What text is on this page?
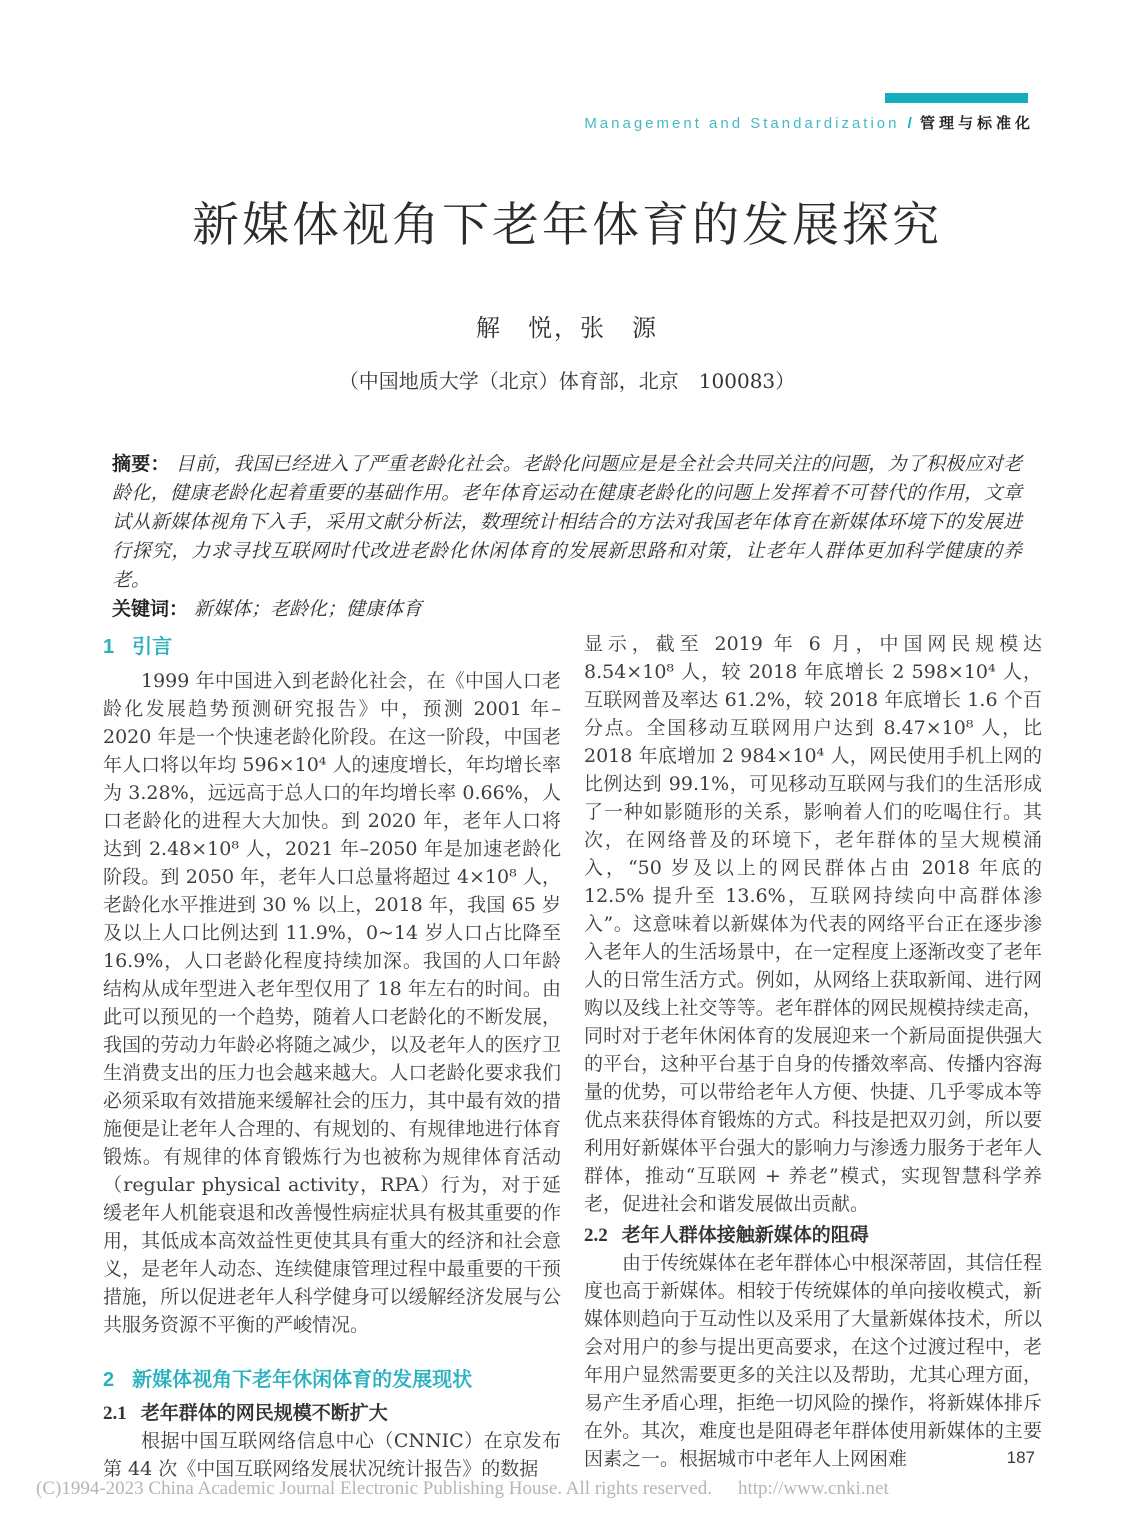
Management and Standardization / 管理与标准化
新媒体视角下老年体育的发展探究
解　悦，张　源
（中国地质大学（北京）体育部，北京　100083）
摘要： 目前，我国已经进入了严重老龄化社会。老龄化问题应是是全社会共同关注的问题，为了积极应对老龄化，健康老龄化起着重要的基础作用。老年体育运动在健康老龄化的问题上发挥着不可替代的作用，文章试从新媒体视角下入手，采用文献分析法，数理统计相结合的方法对我国老年体育在新媒体环境下的发展进行探究，力求寻找互联网时代改进老龄化休闲体育的发展新思路和对策，让老年人群体更加科学健康的养老。
关键词： 新媒体；老龄化；健康体育
1 引言

1999 年中国进入到老龄化社会，在《中国人口老龄化发展趋势预测研究报告》中，预测 2001 年–2020 年是一个快速老龄化阶段。在这一阶段，中国老年人口将以年均 596×10⁴ 人的速度增长，年均增长率为 3.28%，远远高于总人口的年均增长率 0.66%，人口老龄化的进程大大加快。到 2020 年，老年人口将达到 2.48×10⁸ 人，2021 年–2050 年是加速老龄化阶段。到 2050 年，老年人口总量将超过 4×10⁸ 人，老龄化水平推进到 30 % 以上，2018 年，我国 65 岁及以上人口比例达到 11.9%，0~14 岁人口占比降至 16.9%，人口老龄化程度持续加深。我国的人口年龄结构从成年型进入老年型仅用了 18 年左右的时间。由此可以预见的一个趋势，随着人口老龄化的不断发展，我国的劳动力年龄必将随之减少，以及老年人的医疗卫生消费支出的压力也会越来越大。人口老龄化要求我们必须采取有效措施来缓解社会的压力，其中最有效的措施便是让老年人合理的、有规划的、有规律地进行体育锻炼。有规律的体育锻炼行为也被称为规律体育活动（regular physical activity，RPA）行为，对于延缓老年人机能衰退和改善慢性病症状具有极其重要的作用，其低成本高效益性更使其具有重大的经济和社会意义，是老年人动态、连续健康管理过程中最重要的干预措施，所以促进老年人科学健身可以缓解经济发展与公共服务资源不平衡的严峻情况。

2 新媒体视角下老年休闲体育的发展现状
2.1 老年群体的网民规模不断扩大

根据中国互联网络信息中心（CNNIC）在京发布第 44 次《中国互联网络发展状况统计报告》的数据

显示，截至 2019 年 6 月，中国网民规模达 8.54×10⁸ 人，较 2018 年底增长 2 598×10⁴ 人，互联网普及率达 61.2%，较 2018 年底增长 1.6 个百分点。全国移动互联网用户达到 8.47×10⁸ 人，比 2018 年底增加 2 984×10⁴ 人，网民使用手机上网的比例达到 99.1%，可见移动互联网与我们的生活形成了一种如影随形的关系，影响着人们的吃喝住行。其次，在网络普及的环境下，老年群体的呈大规模涌入，“50 岁及以上的网民群体占由 2018 年底的 12.5% 提升至 13.6%，互联网持续向中高群体渗入”。这意味着以新媒体为代表的网络平台正在逐步渗入老年人的生活场景中，在一定程度上逐渐改变了老年人的日常生活方式。例如，从网络上获取新闻、进行网购以及线上社交等等。老年群体的网民规模持续走高，同时对于老年休闲体育的发展迎来一个新局面提供强大的平台，这种平台基于自身的传播效率高、传播内容海量的优势，可以带给老年人方便、快捷、几乎零成本等优点来获得体育锻炼的方式。科技是把双刃剑，所以要利用好新媒体平台强大的影响力与渗透力服务于老年人群体，推动“互联网 + 养老”模式，实现智慧科学养老，促进社会和谐发展做出贡献。

2.2 老年人群体接触新媒体的阻碍

由于传统媒体在老年群体心中根深蒂固，其信任程度也高于新媒体。相较于传统媒体的单向接收模式，新媒体则趋向于互动性以及采用了大量新媒体技术，所以会对用户的参与提出更高要求，在这个过渡过程中，老年用户显然需要更多的关注以及帮助，尤其心理方面，易产生矛盾心理，拒绝一切风险的操作，将新媒体排斥在外。其次，难度也是阻碍老年群体使用新媒体的主要因素之一。根据城市中老年人上网困难	187
(C)1994-2023 China Academic Journal Electronic Publishing House. All rights reserved. http://www.cnki.net
